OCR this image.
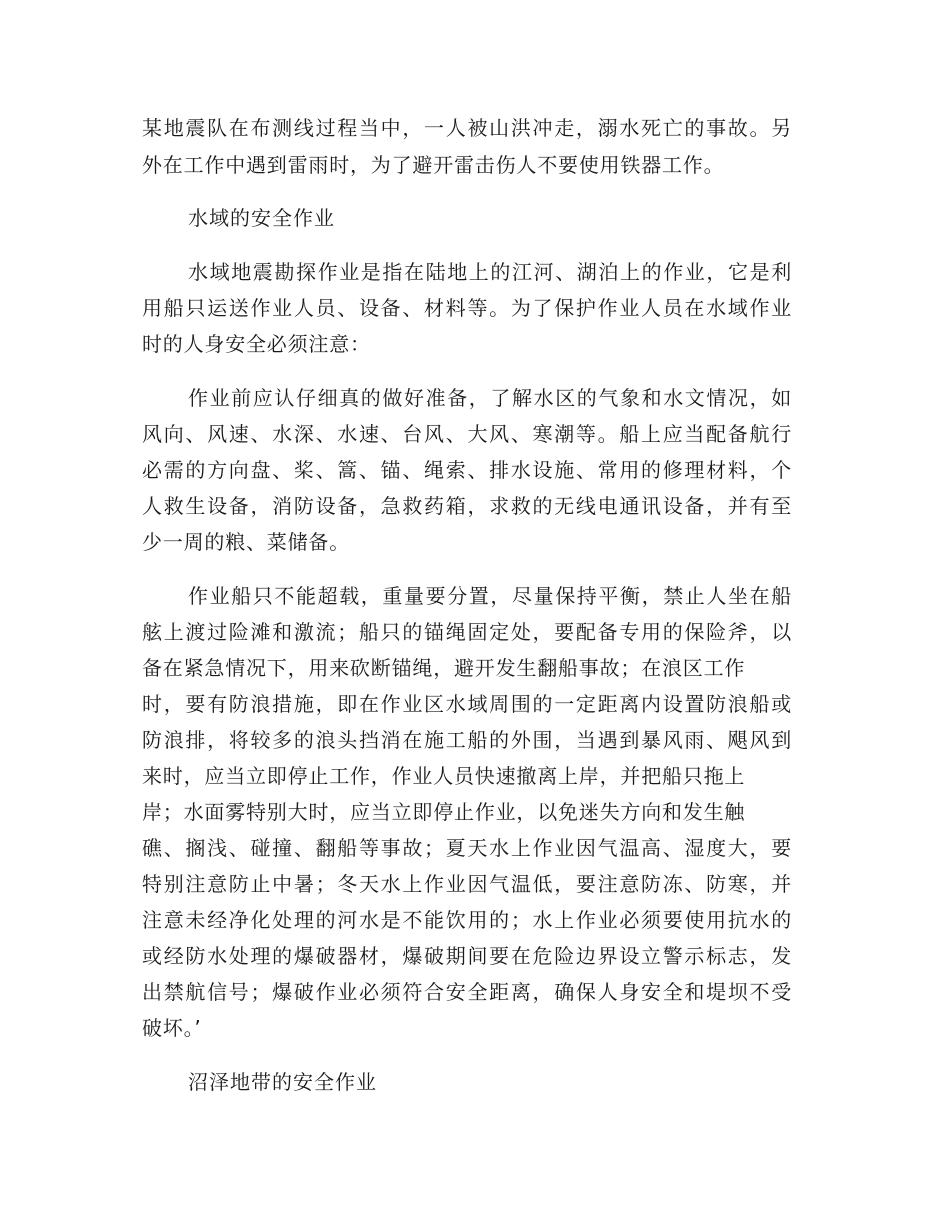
某地震队在布测线过程当中，一人被山洪冲走，溺水死亡的事故。另
外在工作中遇到雷雨时，为了避开雷击伤人不要使用铁器工作。
水域的安全作业
水域地震勘探作业是指在陆地上的江河、湖泊上的作业，它是利
用船只运送作业人员、设备、材料等。为了保护作业人员在水域作业
时的人身安全必须注意：
作业前应认仔细真的做好准备，了解水区的气象和水文情况，如
风向、风速、水深、水速、台风、大风、寒潮等。船上应当配备航行
必需的方向盘、桨、篙、锚、绳索、排水设施、常用的修理材料，个
人救生设备，消防设备，急救药箱，求救的无线电通讯设备，并有至
少一周的粮、菜储备。
作业船只不能超载，重量要分置，尽量保持平衡，禁止人坐在船
舷上渡过险滩和激流；船只的锚绳固定处，要配备专用的保险斧，以
备在紧急情况下，用来砍断锚绳，避开发生翻船事故；在浪区工作
时，要有防浪措施，即在作业区水域周围的一定距离内设置防浪船或
防浪排，将较多的浪头挡消在施工船的外围，当遇到暴风雨、飓风到
来时，应当立即停止工作，作业人员快速撤离上岸，并把船只拖上
岸；水面雾特别大时，应当立即停止作业，以免迷失方向和发生触
礁、搁浅、碰撞、翻船等事故；夏天水上作业因气温高、湿度大，要
特别注意防止中暑；冬天水上作业因气温低，要注意防冻、防寒，并
注意未经净化处理的河水是不能饮用的；水上作业必须要使用抗水的
或经防水处理的爆破器材，爆破期间要在危险边界设立警示标志，发
出禁航信号；爆破作业必须符合安全距离，确保人身安全和堤坝不受
破坏。’
沼泽地带的安全作业
